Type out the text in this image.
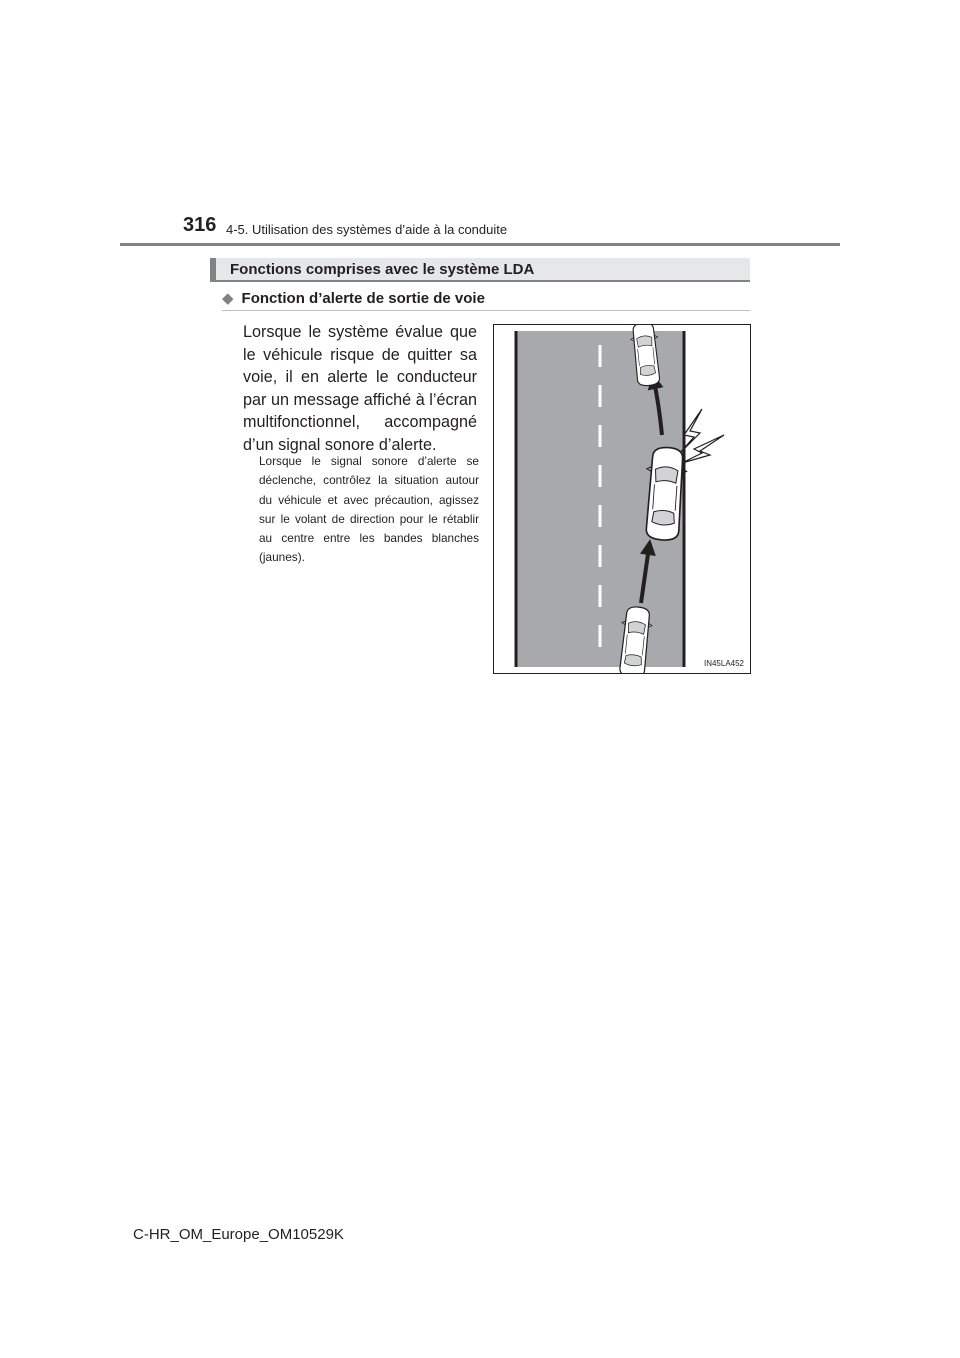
316 4-5. Utilisation des systèmes d’aide à la conduite
Fonctions comprises avec le système LDA
◆ Fonction d’alerte de sortie de voie

Lorsque le système évalue que le véhicule risque de quitter sa voie, il en alerte le conducteur par un message affiché à l’écran multifonctionnel, accompagné d’un signal sonore d’alerte.

Lorsque le signal sonore d’alerte se déclenche, contrôlez la situation autour du véhicule et avec précaution, agissez sur le volant de direction pour le rétablir au centre entre les bandes blanches (jaunes).

IN45LA452
C-HR_OM_Europe_OM10529K
